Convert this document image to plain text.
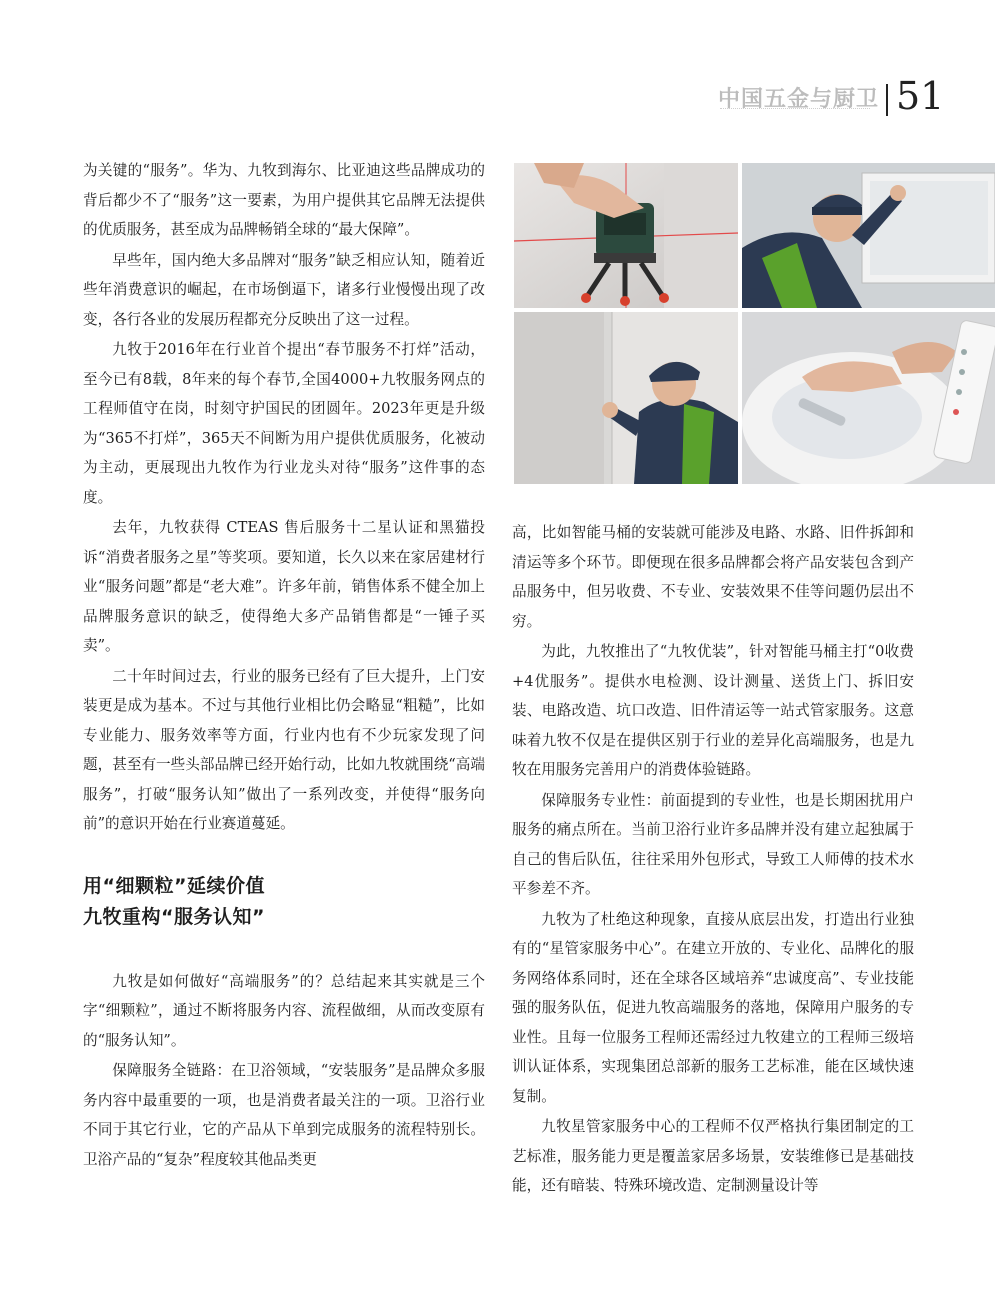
中国五金与厨卫 51

为关键的“服务”。华为、九牧到海尔、比亚迪这些品牌成功的背后都少不了“服务”这一要素，为用户提供其它品牌无法提供的优质服务，甚至成为品牌畅销全球的“最大保障”。

早些年，国内绝大多品牌对“服务”缺乏相应认知，随着近些年消费意识的崛起，在市场倒逼下，诸多行业慢慢出现了改变，各行各业的发展历程都充分反映出了这一过程。

九牧于2016年在行业首个提出“春节服务不打烊”活动，至今已有8载，8年来的每个春节,全国4000+九牧服务网点的工程师值守在岗，时刻守护国民的团圆年。2023年更是升级为“365不打烊”，365天不间断为用户提供优质服务，化被动为主动，更展现出九牧作为行业龙头对待“服务”这件事的态度。

去年，九牧获得 CTEAS 售后服务十二星认证和黑猫投诉“消费者服务之星”等奖项。要知道，长久以来在家居建材行业“服务问题”都是“老大难”。许多年前，销售体系不健全加上品牌服务意识的缺乏，使得绝大多产品销售都是“一锤子买卖”。

二十年时间过去，行业的服务已经有了巨大提升，上门安装更是成为基本。不过与其他行业相比仍会略显“粗糙”，比如专业能力、服务效率等方面，行业内也有不少玩家发现了问题，甚至有一些头部品牌已经开始行动，比如九牧就围绕“高端服务”，打破“服务认知”做出了一系列改变，并使得“服务向前”的意识开始在行业赛道蔓延。

用“细颗粒”延续价值
九牧重构“服务认知”

九牧是如何做好“高端服务”的？总结起来其实就是三个字“细颗粒”，通过不断将服务内容、流程做细，从而改变原有的“服务认知”。

保障服务全链路：在卫浴领域，“安装服务”是品牌众多服务内容中最重要的一项，也是消费者最关注的一项。卫浴行业不同于其它行业，它的产品从下单到完成服务的流程特别长。卫浴产品的“复杂”程度较其他品类更

高，比如智能马桶的安装就可能涉及电路、水路、旧件拆卸和清运等多个环节。即便现在很多品牌都会将产品安装包含到产品服务中，但另收费、不专业、安装效果不佳等问题仍层出不穷。

为此，九牧推出了“九牧优装”，针对智能马桶主打“0收费+4优服务”。提供水电检测、设计测量、送货上门、拆旧安装、电路改造、坑口改造、旧件清运等一站式管家服务。这意味着九牧不仅是在提供区别于行业的差异化高端服务，也是九牧在用服务完善用户的消费体验链路。

保障服务专业性：前面提到的专业性，也是长期困扰用户服务的痛点所在。当前卫浴行业许多品牌并没有建立起独属于自己的售后队伍，往往采用外包形式，导致工人师傅的技术水平参差不齐。

九牧为了杜绝这种现象，直接从底层出发，打造出行业独有的“星管家服务中心”。在建立开放的、专业化、品牌化的服务网络体系同时，还在全球各区域培养“忠诚度高”、专业技能强的服务队伍，促进九牧高端服务的落地，保障用户服务的专业性。且每一位服务工程师还需经过九牧建立的工程师三级培训认证体系，实现集团总部新的服务工艺标准，能在区域快速复制。

九牧星管家服务中心的工程师不仅严格执行集团制定的工艺标准，服务能力更是覆盖家居多场景，安装维修已是基础技能，还有暗装、特殊环境改造、定制测量设计等
